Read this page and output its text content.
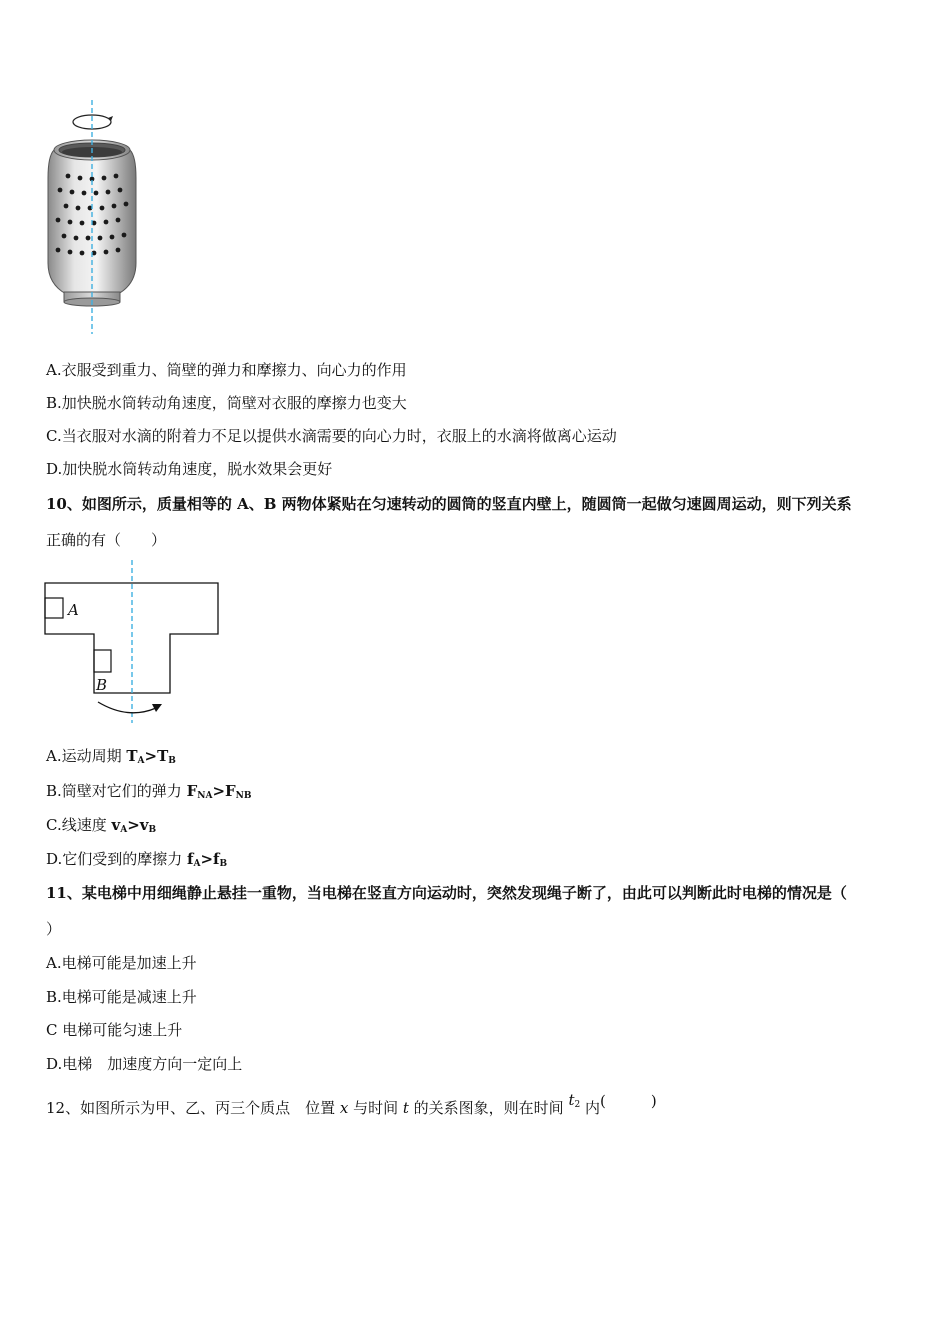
A.衣服受到重力、筒壁的弹力和摩擦力、向心力的作用
B.加快脱水筒转动角速度，筒壁对衣服的摩擦力也变大
C.当衣服对水滴的附着力不足以提供水滴需要的向心力时，衣服上的水滴将做离心运动
D.加快脱水筒转动角速度，脱水效果会更好
10、如图所示，质量相等的 A、B 两物体紧贴在匀速转动的圆筒的竖直内壁上，随圆筒一起做匀速圆周运动，则下列关系
正确的有（　　）
A
B
A.运动周期 $T_A>T_B$
B.筒壁对它们的弹力 $F_{NA}>F_{NB}$
C.线速度 $v_A>v_B$
D.它们受到的摩擦力 $f_A>f_B$
11、某电梯中用细绳静止悬挂一重物，当电梯在竖直方向运动时，突然发现绳子断了，由此可以判断此时电梯的情况是（
）
A.电梯可能是加速上升
B.电梯可能是减速上升
C 电梯可能匀速上升
D.电梯　加速度方向一定向上
12、如图所示为甲、乙、丙三个质点　位置 x 与时间 t 的关系图象，则在时间 $t_2$ 内(　　　)
